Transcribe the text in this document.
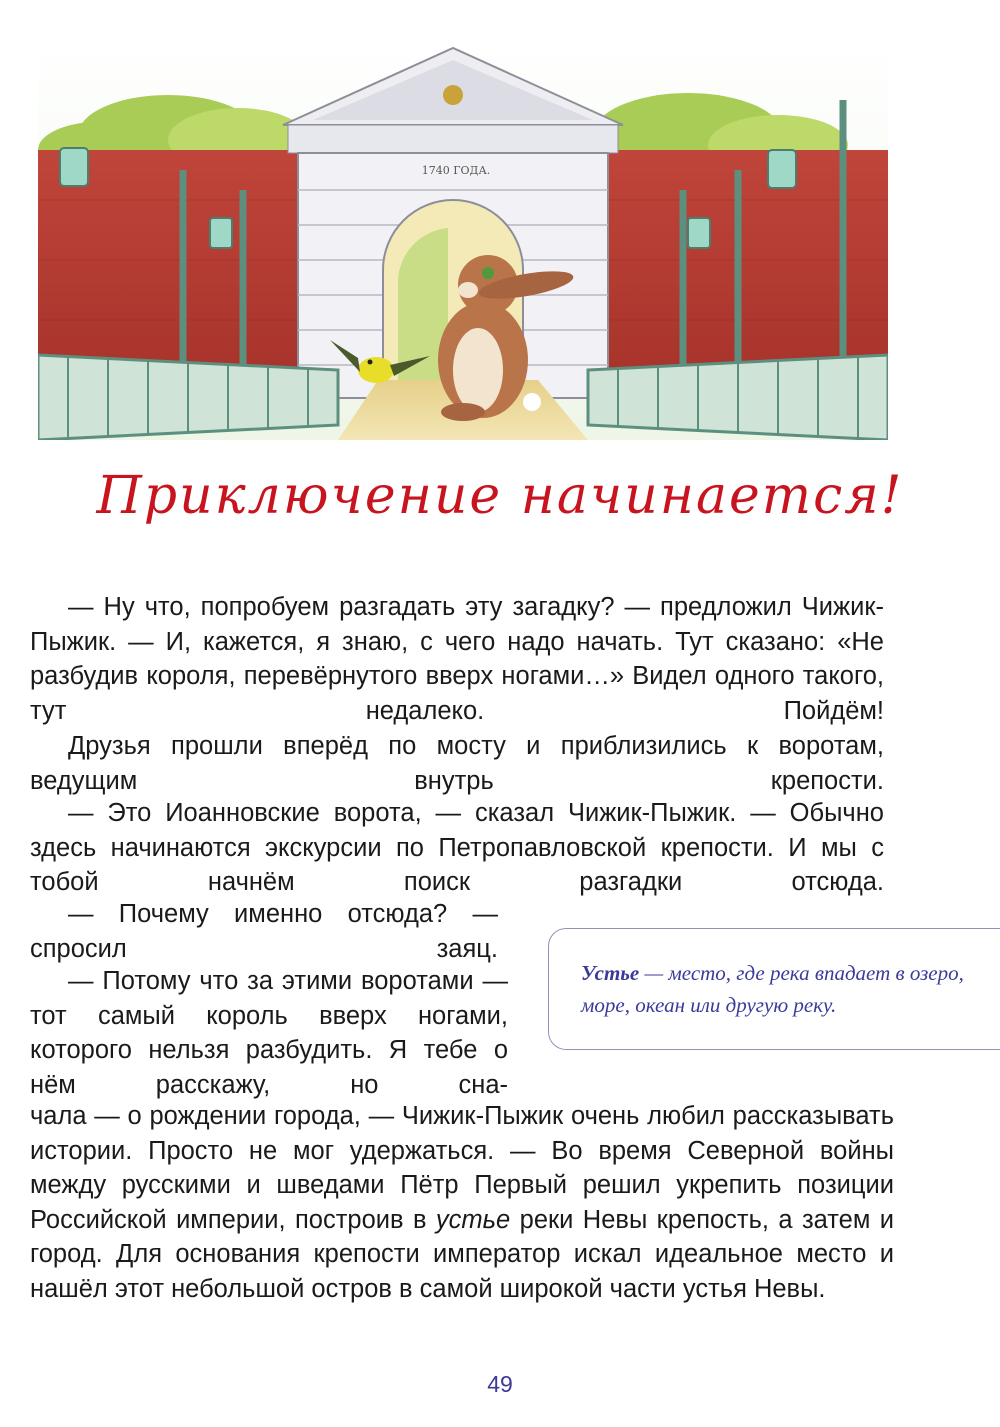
1740 ГОДА.
Приключение начинается!

— Ну что, попробуем разгадать эту загадку? — предложил Чижик-Пыжик. — И, кажется, я знаю, с чего надо начать. Тут сказано: «Не разбудив короля, перевёрнутого вверх ногами…» Видел одного такого, тут недалеко. Пойдём!

Друзья прошли вперёд по мосту и приблизились к воротам, ведущим внутрь крепости.

— Это Иоанновские ворота, — сказал Чижик-Пыжик. — Обычно здесь начинаются экскурсии по Петропавловской крепости. И мы с тобой начнём поиск разгадки отсюда.

— Почему именно отсюда? — спросил заяц.

— Потому что за этими воротами — тот самый король вверх ногами, которого нельзя разбудить. Я тебе о нём расскажу, но сна-

чала — о рождении города, — Чижик-Пыжик очень любил рассказывать истории. Просто не мог удержаться. — Во время Северной войны между русскими и шведами Пётр Первый решил укрепить позиции Российской империи, построив в устье реки Невы крепость, а затем и город. Для основания крепости император искал идеальное место и нашёл этот небольшой остров в самой широкой части устья Невы.

Устье — место, где река впадает в озеро, море, океан или другую реку.
49
